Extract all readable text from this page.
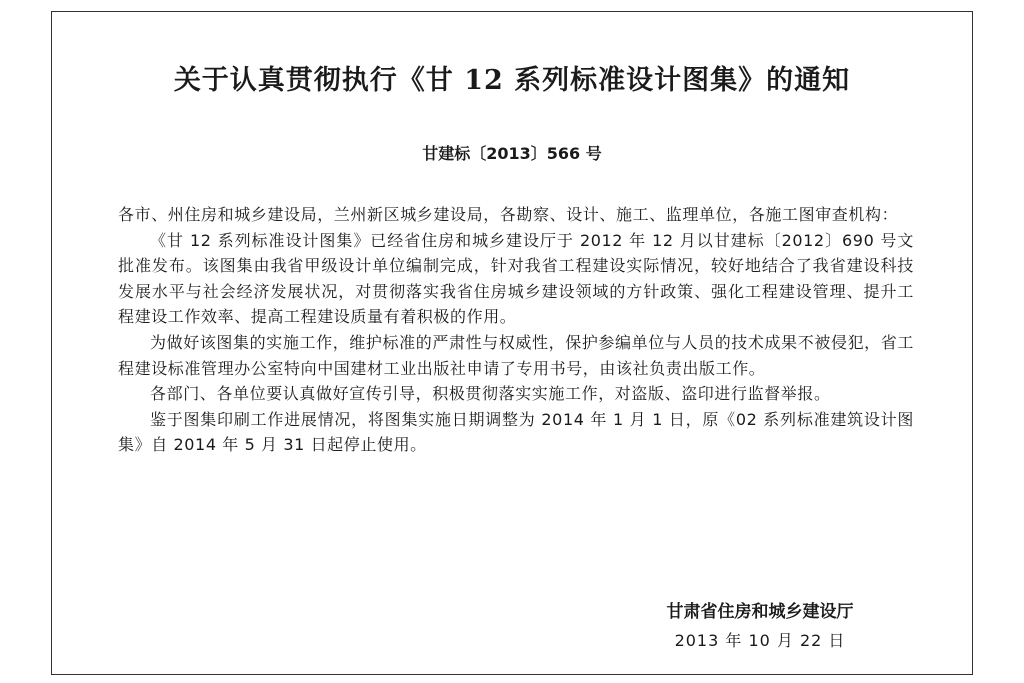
关于认真贯彻执行《甘 12 系列标准设计图集》的通知
甘建标〔2013〕566 号

各市、州住房和城乡建设局，兰州新区城乡建设局，各勘察、设计、施工、监理单位，各施工图审查机构：

《甘 12 系列标准设计图集》已经省住房和城乡建设厅于 2012 年 12 月以甘建标〔2012〕690 号文批准发布。该图集由我省甲级设计单位编制完成，针对我省工程建设实际情况，较好地结合了我省建设科技发展水平与社会经济发展状况，对贯彻落实我省住房城乡建设领域的方针政策、强化工程建设管理、提升工程建设工作效率、提高工程建设质量有着积极的作用。

为做好该图集的实施工作，维护标准的严肃性与权威性，保护参编单位与人员的技术成果不被侵犯，省工程建设标准管理办公室特向中国建材工业出版社申请了专用书号，由该社负责出版工作。

各部门、各单位要认真做好宣传引导，积极贯彻落实实施工作，对盗版、盗印进行监督举报。

鉴于图集印刷工作进展情况，将图集实施日期调整为 2014 年 1 月 1 日，原《02 系列标准建筑设计图集》自 2014 年 5 月 31 日起停止使用。

甘肃省住房和城乡建设厅
2013 年 10 月 22 日
